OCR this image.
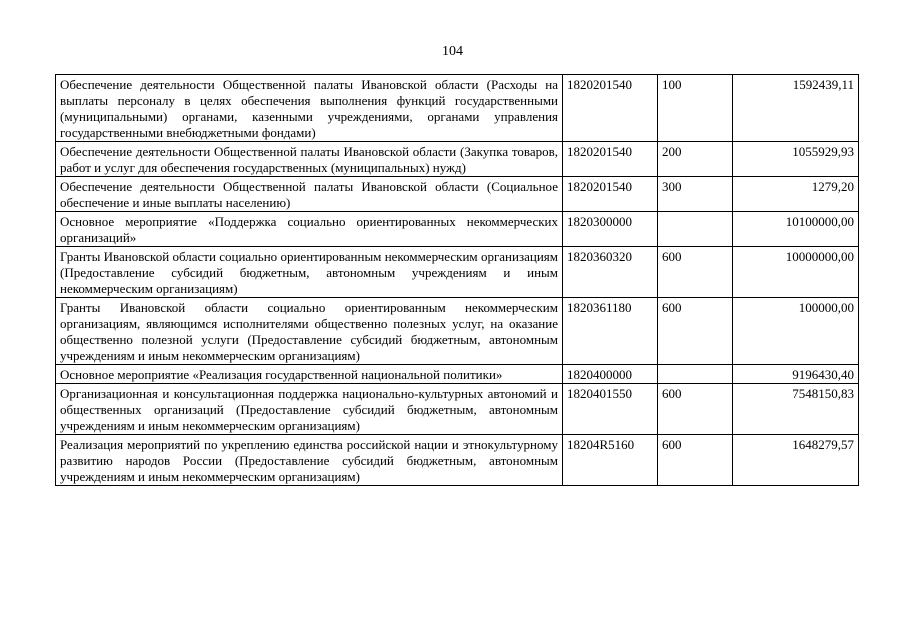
104
Обеспечение деятельности Общественной палаты Ивановской области (Расходы на выплаты персоналу в целях обеспечения выполнения функций государственными (муниципальными) органами, казенными учреждениями, органами управления государственными внебюджетными фондами)	1820201540	100	1592439,11
Обеспечение деятельности Общественной палаты Ивановской области (Закупка товаров, работ и услуг для обеспечения государственных (муниципальных) нужд)	1820201540	200	1055929,93
Обеспечение деятельности Общественной палаты Ивановской области (Социальное обеспечение и иные выплаты населению)	1820201540	300	1279,20
Основное мероприятие «Поддержка социально ориентированных некоммерческих организаций»	1820300000		10100000,00
Гранты Ивановской области социально ориентированным некоммерческим организациям (Предоставление субсидий бюджетным, автономным учреждениям и иным некоммерческим организациям)	1820360320	600	10000000,00
Гранты Ивановской области социально ориентированным некоммерческим организациям, являющимся исполнителями общественно полезных услуг, на оказание общественно полезной услуги (Предоставление субсидий бюджетным, автономным учреждениям и иным некоммерческим организациям)	1820361180	600	100000,00
Основное мероприятие «Реализация государственной национальной политики»	1820400000		9196430,40
Организационная и консультационная поддержка национально-культурных автономий и общественных организаций (Предоставление субсидий бюджетным, автономным учреждениям и иным некоммерческим организациям)	1820401550	600	7548150,83
Реализация мероприятий по укреплению единства российской нации и этнокультурному развитию народов России (Предоставление субсидий бюджетным, автономным учреждениям и иным некоммерческим организациям)	18204R5160	600	1648279,57
